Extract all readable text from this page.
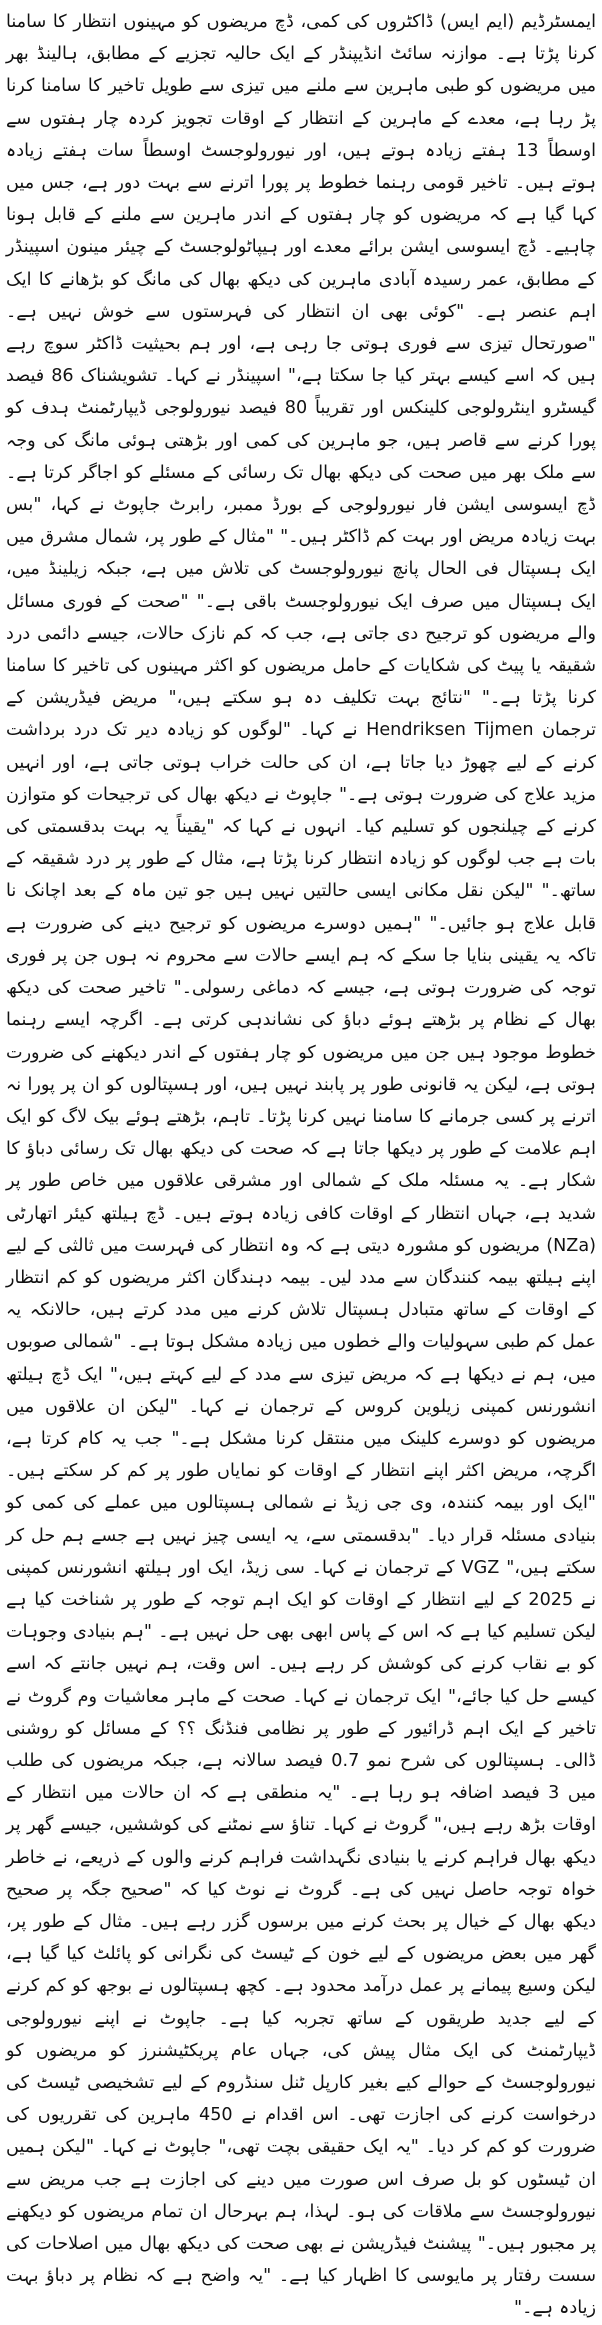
ایمسٹرڈیم (ایم ایس) ڈاکٹروں کی کمی، ڈچ مریضوں کو مہینوں انتظار کا سامنا کرنا پڑتا ہے۔ موازنہ سائٹ انڈیپنڈر کے ایک حالیہ تجزیے کے مطابق، ہالینڈ بھر میں مریضوں کو طبی ماہرین سے ملنے میں تیزی سے طویل تاخیر کا سامنا کرنا پڑ رہا ہے، معدے کے ماہرین کے انتظار کے اوقات تجویز کردہ چار ہفتوں سے اوسطاً 13 ہفتے زیادہ ہوتے ہیں، اور نیورولوجسٹ اوسطاً سات ہفتے زیادہ ہوتے ہیں۔ تاخیر قومی رہنما خطوط پر پورا اترنے سے بہت دور ہے، جس میں کہا گیا ہے کہ مریضوں کو چار ہفتوں کے اندر ماہرین سے ملنے کے قابل ہونا چاہیے۔ ڈچ ایسوسی ایشن برائے معدے اور ہیپاٹولوجسٹ کے چیئر مینون اسپینڈر کے مطابق، عمر رسیدہ آبادی ماہرین کی دیکھ بھال کی مانگ کو بڑھانے کا ایک اہم عنصر ہے۔ "کوئی بھی ان انتظار کی فہرستوں سے خوش نہیں ہے۔ "صورتحال تیزی سے فوری ہوتی جا رہی ہے، اور ہم بحیثیت ڈاکٹر سوچ رہے ہیں کہ اسے کیسے بہتر کیا جا سکتا ہے،" اسپینڈر نے کہا۔ تشویشناک 86 فیصد گیسٹرو اینٹرولوجی کلینکس اور تقریباً 80 فیصد نیورولوجی ڈیپارٹمنٹ ہدف کو پورا کرنے سے قاصر ہیں، جو ماہرین کی کمی اور بڑھتی ہوئی مانگ کی وجہ سے ملک بھر میں صحت کی دیکھ بھال تک رسائی کے مسئلے کو اجاگر کرتا ہے۔ ڈچ ایسوسی ایشن فار نیورولوجی کے بورڈ ممبر، رابرٹ جاپوٹ نے کہا، "بس بہت زیادہ مریض اور بہت کم ڈاکٹر ہیں۔" "مثال کے طور پر، شمال مشرق میں ایک ہسپتال فی الحال پانچ نیورولوجسٹ کی تلاش میں ہے، جبکہ زیلینڈ میں، ایک ہسپتال میں صرف ایک نیورولوجسٹ باقی ہے۔" "صحت کے فوری مسائل والے مریضوں کو ترجیح دی جاتی ہے، جب کہ کم نازک حالات، جیسے دائمی درد شقیقہ یا پیٹ کی شکایات کے حامل مریضوں کو اکثر مہینوں کی تاخیر کا سامنا کرنا پڑتا ہے۔" "نتائج بہت تکلیف دہ ہو سکتے ہیں،" مریض فیڈریشن کے ترجمان Hendriksen Tijmen نے کہا۔ "لوگوں کو زیادہ دیر تک درد برداشت کرنے کے لیے چھوڑ دیا جاتا ہے، ان کی حالت خراب ہوتی جاتی ہے، اور انہیں مزید علاج کی ضرورت ہوتی ہے۔" جاپوٹ نے دیکھ بھال کی ترجیحات کو متوازن کرنے کے چیلنجوں کو تسلیم کیا۔ انہوں نے کہا کہ "یقیناً یہ بہت بدقسمتی کی بات ہے جب لوگوں کو زیادہ انتظار کرنا پڑتا ہے، مثال کے طور پر درد شقیقہ کے ساتھ۔" "لیکن نقل مکانی ایسی حالتیں نہیں ہیں جو تین ماہ کے بعد اچانک نا قابل علاج ہو جائیں۔" "ہمیں دوسرے مریضوں کو ترجیح دینے کی ضرورت ہے تاکہ یہ یقینی بنایا جا سکے کہ ہم ایسے حالات سے محروم نہ ہوں جن پر فوری توجہ کی ضرورت ہوتی ہے، جیسے کہ دماغی رسولی۔" تاخیر صحت کی دیکھ بھال کے نظام پر بڑھتے ہوئے دباؤ کی نشاندہی کرتی ہے۔ اگرچہ ایسے رہنما خطوط موجود ہیں جن میں مریضوں کو چار ہفتوں کے اندر دیکھنے کی ضرورت ہوتی ہے، لیکن یہ قانونی طور پر پابند نہیں ہیں، اور ہسپتالوں کو ان پر پورا نہ اترنے پر کسی جرمانے کا سامنا نہیں کرنا پڑتا۔ تاہم، بڑھتے ہوئے بیک لاگ کو ایک اہم علامت کے طور پر دیکھا جاتا ہے کہ صحت کی دیکھ بھال تک رسائی دباؤ کا شکار ہے۔ یہ مسئلہ ملک کے شمالی اور مشرقی علاقوں میں خاص طور پر شدید ہے، جہاں انتظار کے اوقات کافی زیادہ ہوتے ہیں۔ ڈچ ہیلتھ کیئر اتھارٹی (NZa) مریضوں کو مشورہ دیتی ہے کہ وہ انتظار کی فہرست میں ثالثی کے لیے اپنے ہیلتھ بیمہ کنندگان سے مدد لیں۔ بیمہ دہندگان اکثر مریضوں کو کم انتظار کے اوقات کے ساتھ متبادل ہسپتال تلاش کرنے میں مدد کرتے ہیں، حالانکہ یہ عمل کم طبی سہولیات والے خطوں میں زیادہ مشکل ہوتا ہے۔ "شمالی صوبوں میں، ہم نے دیکھا ہے کہ مریض تیزی سے مدد کے لیے کہتے ہیں،" ایک ڈچ ہیلتھ انشورنس کمپنی زیلوین کروس کے ترجمان نے کہا۔ "لیکن ان علاقوں میں مریضوں کو دوسرے کلینک میں منتقل کرنا مشکل ہے۔" جب یہ کام کرتا ہے، اگرچہ، مریض اکثر اپنے انتظار کے اوقات کو نمایاں طور پر کم کر سکتے ہیں۔ "ایک اور بیمہ کنندہ، وی جی زیڈ نے شمالی ہسپتالوں میں عملے کی کمی کو بنیادی مسئلہ قرار دیا۔ "بدقسمتی سے، یہ ایسی چیز نہیں ہے جسے ہم حل کر سکتے ہیں،" VGZ کے ترجمان نے کہا۔ سی زیڈ، ایک اور ہیلتھ انشورنس کمپنی نے 2025 کے لیے انتظار کے اوقات کو ایک اہم توجہ کے طور پر شناخت کیا ہے لیکن تسلیم کیا ہے کہ اس کے پاس ابھی بھی حل نہیں ہے۔ "ہم بنیادی وجوہات کو بے نقاب کرنے کی کوشش کر رہے ہیں۔ اس وقت، ہم نہیں جانتے کہ اسے کیسے حل کیا جائے،" ایک ترجمان نے کہا۔ صحت کے ماہر معاشیات وم گروٹ نے تاخیر کے ایک اہم ڈرائیور کے طور پر نظامی فنڈنگ ؟؟ کے مسائل کو روشنی ڈالی۔ ہسپتالوں کی شرح نمو 0.7 فیصد سالانہ ہے، جبکہ مریضوں کی طلب میں 3 فیصد اضافہ ہو رہا ہے۔ "یہ منطقی ہے کہ ان حالات میں انتظار کے اوقات بڑھ رہے ہیں،" گروٹ نے کہا۔ تناؤ سے نمٹنے کی کوششیں، جیسے گھر پر دیکھ بھال فراہم کرنے یا بنیادی نگہداشت فراہم کرنے والوں کے ذریعے، نے خاطر خواہ توجہ حاصل نہیں کی ہے۔ گروٹ نے نوٹ کیا کہ "صحیح جگہ پر صحیح دیکھ بھال کے خیال پر بحث کرنے میں برسوں گزر رہے ہیں۔ مثال کے طور پر، گھر میں بعض مریضوں کے لیے خون کے ٹیسٹ کی نگرانی کو پائلٹ کیا گیا ہے، لیکن وسیع پیمانے پر عمل درآمد محدود ہے۔ کچھ ہسپتالوں نے بوجھ کو کم کرنے کے لیے جدید طریقوں کے ساتھ تجربہ کیا ہے۔ جاپوٹ نے اپنے نیورولوجی ڈیپارٹمنٹ کی ایک مثال پیش کی، جہاں عام پریکٹیشنرز کو مریضوں کو نیورولوجسٹ کے حوالے کیے بغیر کارپل ٹنل سنڈروم کے لیے تشخیصی ٹیسٹ کی درخواست کرنے کی اجازت تھی۔ اس اقدام نے 450 ماہرین کی تقرریوں کی ضرورت کو کم کر دیا۔ "یہ ایک حقیقی بچت تھی،" جاپوٹ نے کہا۔ "لیکن ہمیں ان ٹیسٹوں کو بل صرف اس صورت میں دینے کی اجازت ہے جب مریض سے نیورولوجسٹ سے ملاقات کی ہو۔ لہذا، ہم بہرحال ان تمام مریضوں کو دیکھنے پر مجبور ہیں۔" پیشنٹ فیڈریشن نے بھی صحت کی دیکھ بھال میں اصلاحات کی سست رفتار پر مایوسی کا اظہار کیا ہے۔ "یہ واضح ہے کہ نظام پر دباؤ بہت زیادہ ہے۔"
